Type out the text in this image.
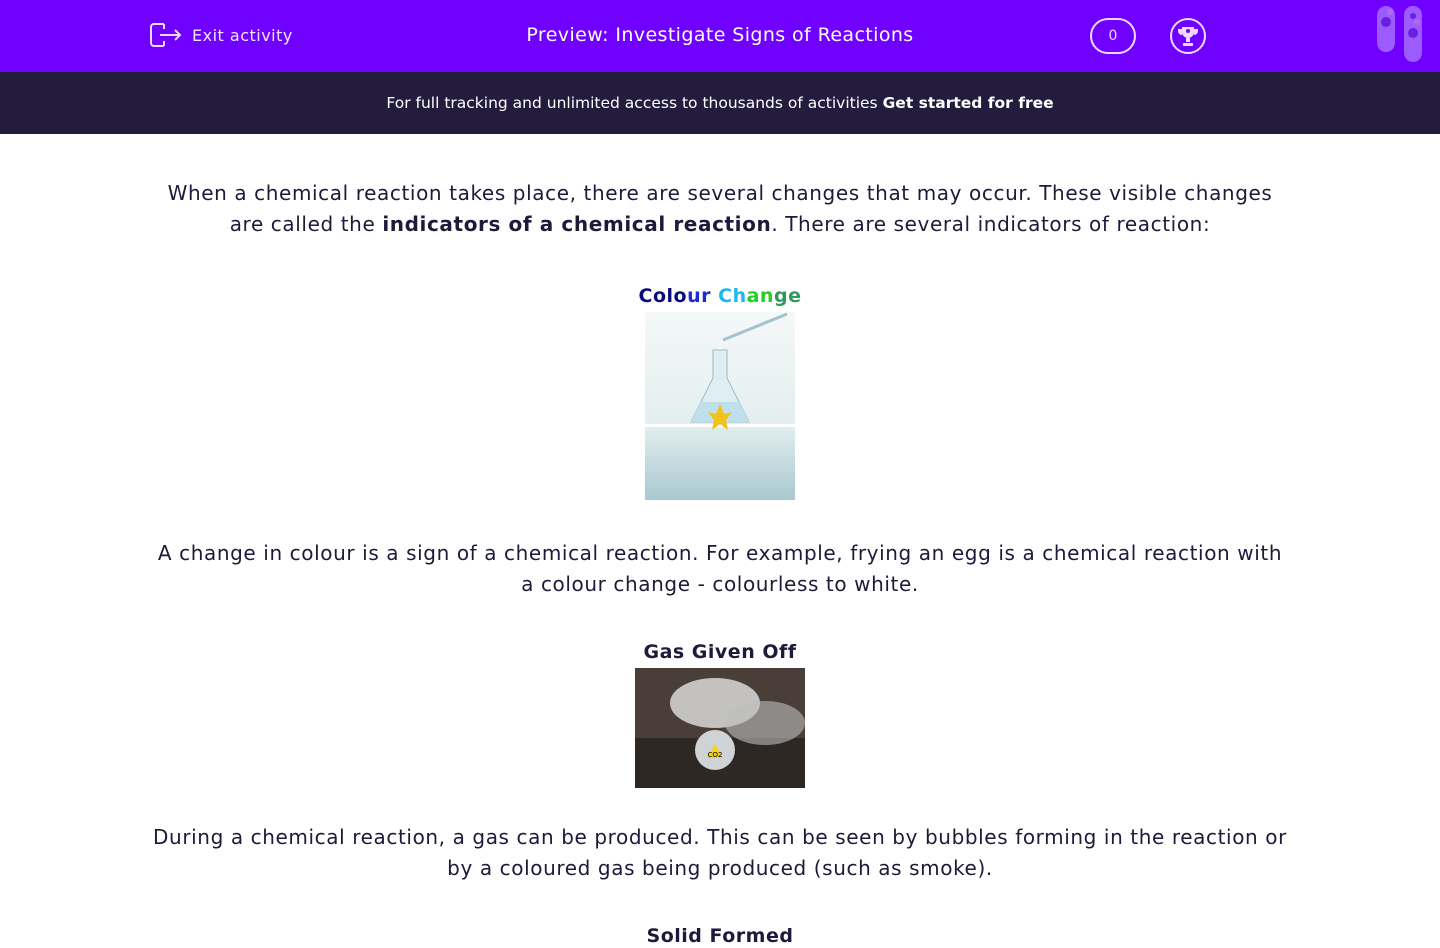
Exit activity	Preview: Investigate Signs of Reactions	0
For full tracking and unlimited access to thousands of activities Get started for free

When a chemical reaction takes place, there are several changes that may occur. These visible changes are called the indicators of a chemical reaction. There are several indicators of reaction:

Colour Change

A change in colour is a sign of a chemical reaction. For example, frying an egg is a chemical reaction with a colour change - colourless to white.

Gas Given Off
CO2

During a chemical reaction, a gas can be produced. This can be seen by bubbles forming in the reaction or by a coloured gas being produced (such as smoke).

Solid Formed
